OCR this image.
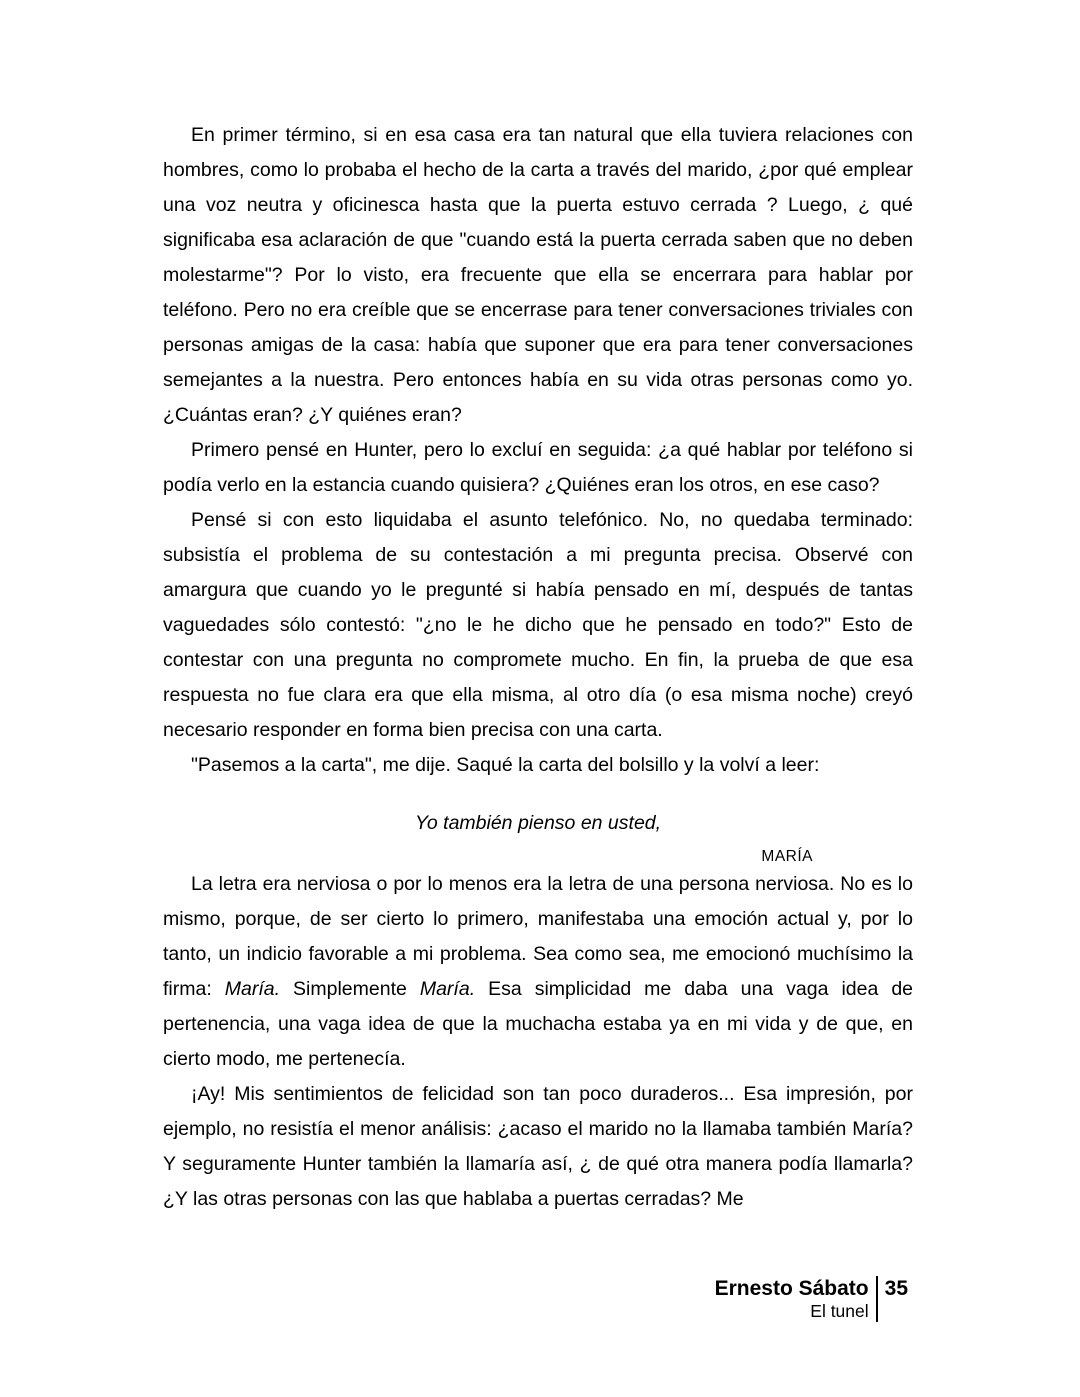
En primer término, si en esa casa era tan natural que ella tuviera relaciones con hombres, como lo probaba el hecho de la carta a través del marido, ¿por qué emplear una voz neutra y oficinesca hasta que la puerta estuvo cerrada ? Luego, ¿ qué significaba esa aclaración de que "cuando está la puerta cerrada saben que no deben molestarme"? Por lo visto, era frecuente que ella se encerrara para hablar por teléfono. Pero no era creíble que se encerrase para tener conversaciones triviales con personas amigas de la casa: había que suponer que era para tener conversaciones semejantes a la nuestra. Pero entonces había en su vida otras personas como yo. ¿Cuántas eran? ¿Y quiénes eran?

Primero pensé en Hunter, pero lo excluí en seguida: ¿a qué hablar por teléfono si podía verlo en la estancia cuando quisiera? ¿Quiénes eran los otros, en ese caso?

Pensé si con esto liquidaba el asunto telefónico. No, no quedaba terminado: subsistía el problema de su contestación a mi pregunta precisa. Observé con amargura que cuando yo le pregunté si había pensado en mí, después de tantas vaguedades sólo contestó: "¿no le he dicho que he pensado en todo?" Esto de contestar con una pregunta no compromete mucho. En fin, la prueba de que esa respuesta no fue clara era que ella misma, al otro día (o esa misma noche) creyó necesario responder en forma bien precisa con una carta.

"Pasemos a la carta", me dije. Saqué la carta del bolsillo y la volví a leer:

Yo también pienso en usted,
MARÍA

La letra era nerviosa o por lo menos era la letra de una persona nerviosa. No es lo mismo, porque, de ser cierto lo primero, manifestaba una emoción actual y, por lo tanto, un indicio favorable a mi problema. Sea como sea, me emocionó muchísimo la firma: María. Simplemente María. Esa simplicidad me daba una vaga idea de pertenencia, una vaga idea de que la muchacha estaba ya en mi vida y de que, en cierto modo, me pertenecía.

¡Ay! Mis sentimientos de felicidad son tan poco duraderos... Esa impresión, por ejemplo, no resistía el menor análisis: ¿acaso el marido no la llamaba también María? Y seguramente Hunter también la llamaría así, ¿ de qué otra manera podía llamarla? ¿Y las otras personas con las que hablaba a puertas cerradas? Me

Ernesto Sábato
El tunel
35
